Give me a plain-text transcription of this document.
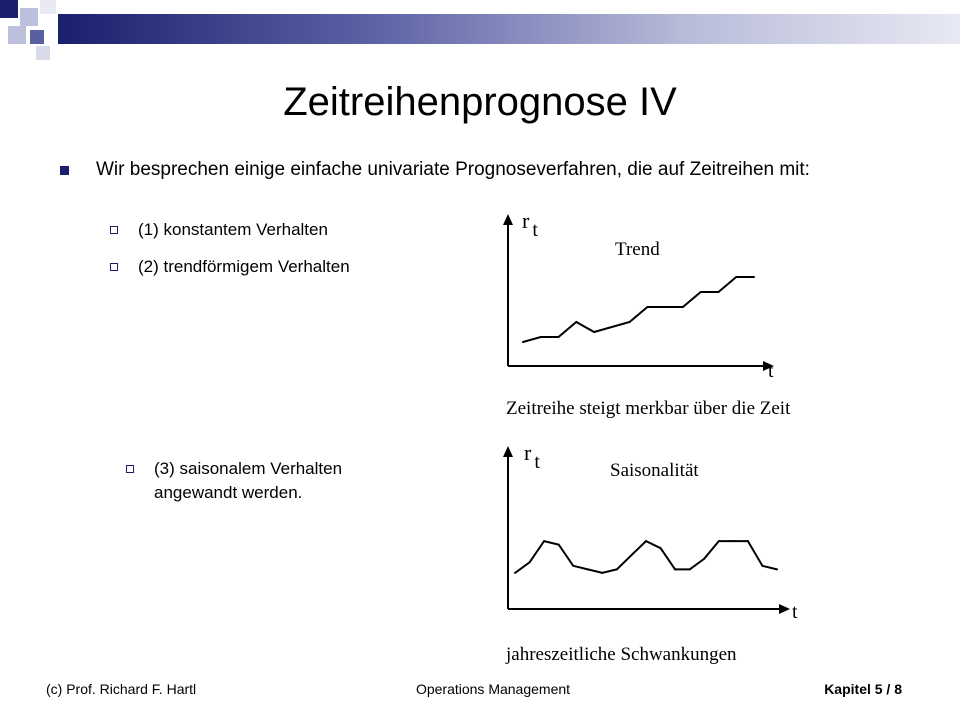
Zeitreihenprognose IV
Wir besprechen einige einfache univariate Prognoseverfahren, die auf Zeitreihen mit:
(1) konstantem Verhalten
(2) trendförmigem Verhalten
(3) saisonalem Verhalten angewandt werden.
r t
t
Trend
Zeitreihe steigt merkbar über die Zeit
r t
t
Saisonalität
jahreszeitliche Schwankungen
(c) Prof. Richard F. Hartl	Operations Management	Kapitel 5 / 8
